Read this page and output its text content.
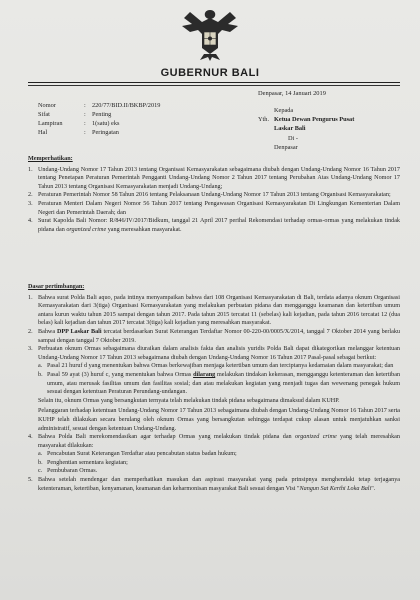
GUBERNUR BALI
Denpasar, 14 Januari 2019
Nomor	: 220/77/BID.II/BKBP/2019
Sifat	: Penting
Lampiran	: 1(satu) eks
Hal	: Peringatan
Kepada
Yth. Ketua Dewan Pengurus Pusat
Laskar Bali
Di -
Denpasar
Memperhatikan:
1. Undang-Undang Nomor 17 Tahun 2013 tentang Organisasi Kemasyarakatan sebagaimana diubah dengan Undang-Undang Nomor 16 Tahun 2017 tentang Penetapan Peraturan Pemerintah Pengganti Undang-Undang Nomor 2 Tahun 2017 tentang Perubahan Atas Undang-Undang Nomor 17 Tahun 2013 tentang Organisasi Kemasyarakatan menjadi Undang-Undang;
2. Peraturan Pemerintah Nomor 58 Tahun 2016 tentang Pelaksanaan Undang-Undang Nomor 17 Tahun 2013 tentang Organisasi Kemasyarakatan;
3. Peraturan Menteri Dalam Negeri Nomor 56 Tahun 2017 tentang Pengawasan Organisasi Kemasyarakatan Di Lingkungan Kementerian Dalam Negeri dan Pemerintah Daerah; dan
4. Surat Kapolda Bali Nomor: R/846/IV/2017/Bidkum, tanggal 21 April 2017 perihal Rekomendasi terhadap ormas-ormas yang melakukan tindak pidana dan organized crime yang meresahkan masyarakat.
Dasar pertimbangan:
1. Bahwa surat Polda Bali aquo, pada intinya menyampaikan bahwa dari 108 Organisasi Kemasyarakatan di Bali, terdata adanya oknum Organisasi Kemasyarakatan dari 3(tiga) Organisasi Kemasyarakatan yang melakukan perbuatan pidana dan mengganggu keamanan dan ketertiban umum antara kurun waktu tahun 2015 sampai dengan tahun 2017. Pada tahun 2015 tercatat 11 (sebelas) kali kejadian, pada tahun 2016 tercatat 12 (dua belas) kali kejadian dan tahun 2017 tercatat 3(tiga) kali kejadian yang meresahkan masyarakat.
2. Bahwa DPP Laskar Bali tercatat berdasarkan Surat Keterangan Terdaftar Nomor 00-220-00/0005/X/2014, tanggal 7 Oktober 2014 yang berlaku sampai dengan tanggal 7 Oktober 2019.
3. Perbuatan oknum Ormas sebagaimana diuraikan dalam analisis fakta dan analisis yuridis Polda Bali dapat dikategorikan melanggar ketentuan Undang-Undang Nomor 17 Tahun 2013 sebagaimana diubah dengan Undang-Undang Nomor 16 Tahun 2017 Pasal-pasal sebagai berikut:
a. Pasal 21 huruf d yang menentukan bahwa Ormas berkewajiban menjaga ketertiban umum dan terciptanya kedamaian dalam masyarakat; dan
b. Pasal 59 ayat (3) huruf c, yang menentukan bahwa Ormas dilarang melakukan tindakan kekerasan, mengganggu ketenteraman dan ketertiban umum, atau merusak fasilitas umum dan fasilitas sosial; dan atau melakukan kegiatan yang menjadi tugas dan wewenang penegak hukum sesuai dengan ketentuan Peraturan Perundang-undangan.
Selain itu, oknum Ormas yang bersangkutan ternyata telah melakukan tindak pidana sebagaimana dimaksud dalam KUHP.
Pelanggaran terhadap ketentuan Undang-Undang Nomor 17 Tahun 2013 sebagaimana diubah dengan Undang-Undang Nomor 16 Tahun 2017 serta KUHP telah dilakukan secara berulang oleh oknum Ormas yang bersangkutan sehingga terdapat cukup alasan untuk menjatuhkan sanksi administratif, sesuai dengan ketentuan Undang-Undang.
4. Bahwa Polda Bali merekomendasikan agar terhadap Ormas yang melakukan tindak pidana dan organized crime yang telah meresahkan masyarakat dilakukan:
a. Pencabutan Surat Keterangan Terdaftar atau pencabutan status badan hukum;
b. Penghentian sementara kegiatan;
c. Pembubaran Ormas.
5. Bahwa setelah mendengar dan memperhatikan masukan dan aspirasi masyarakat yang pada prinsipnya menghendaki tetap terjaganya ketenteraman, ketertiban, kenyamanan, keamanan dan keharmonisan masyarakat Bali sesuai dengan Visi "Nangun Sat Kerthi Loka Bali".
